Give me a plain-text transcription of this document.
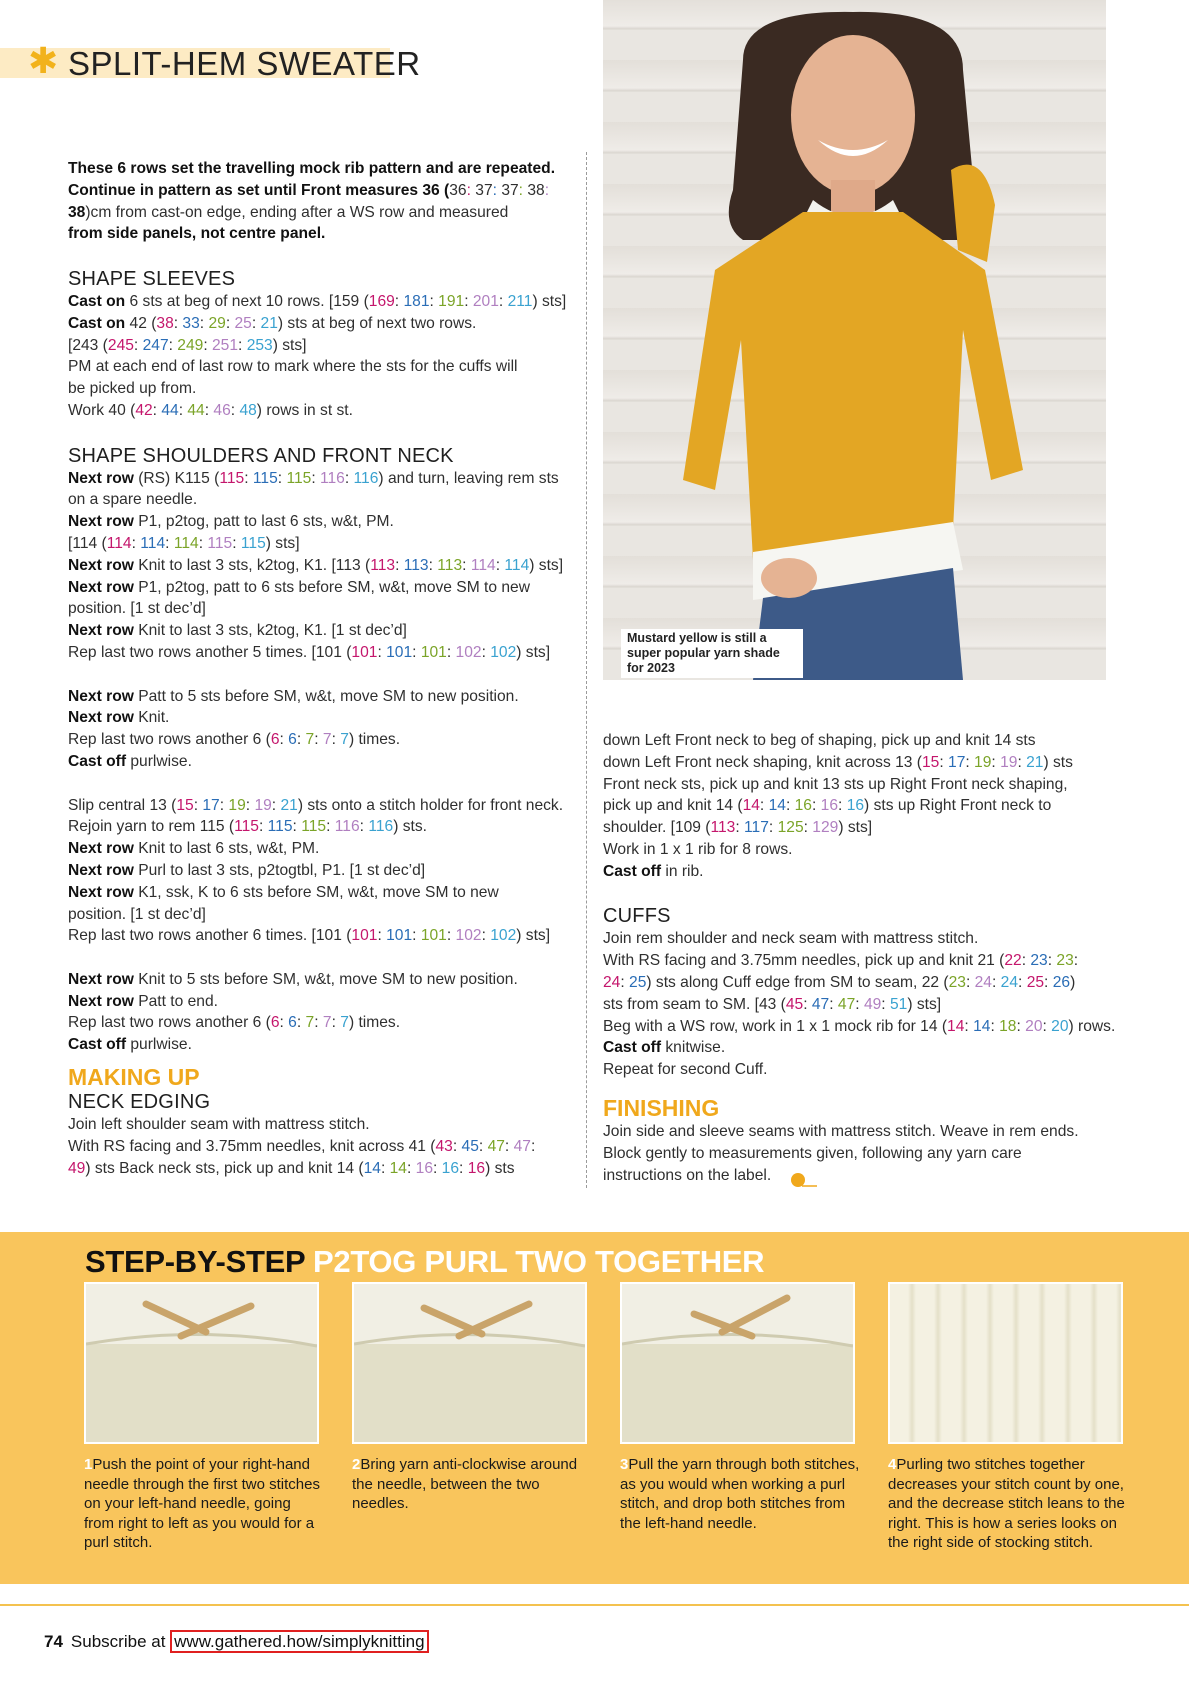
✱ SPLIT-HEM SWEATER

These 6 rows set the travelling mock rib pattern and are repeated.

Continue in pattern as set until Front measures 36 (36: 37: 37: 38:

38)cm from cast-on edge, ending after a WS row and measured

from side panels, not centre panel.

SHAPE SLEEVES

Cast on 6 sts at beg of next 10 rows. [159 (169: 181: 191: 201: 211) sts]

Cast on 42 (38: 33: 29: 25: 21) sts at beg of next two rows.

[243 (245: 247: 249: 251: 253) sts]

PM at each end of last row to mark where the sts for the cuffs will

be picked up from.

Work 40 (42: 44: 44: 46: 48) rows in st st.

SHAPE SHOULDERS AND FRONT NECK

Next row (RS) K115 (115: 115: 115: 116: 116) and turn, leaving rem sts

on a spare needle.

Next row P1, p2tog, patt to last 6 sts, w&t, PM.

[114 (114: 114: 114: 115: 115) sts]

Next row Knit to last 3 sts, k2tog, K1. [113 (113: 113: 113: 114: 114) sts]

Next row P1, p2tog, patt to 6 sts before SM, w&t, move SM to new

position. [1 st dec’d]

Next row Knit to last 3 sts, k2tog, K1. [1 st dec’d]

Rep last two rows another 5 times. [101 (101: 101: 101: 102: 102) sts]

Next row Patt to 5 sts before SM, w&t, move SM to new position.

Next row Knit.

Rep last two rows another 6 (6: 6: 7: 7: 7) times.

Cast off purlwise.

Slip central 13 (15: 17: 19: 19: 21) sts onto a stitch holder for front neck.

Rejoin yarn to rem 115 (115: 115: 115: 116: 116) sts.

Next row Knit to last 6 sts, w&t, PM.

Next row Purl to last 3 sts, p2togtbl, P1. [1 st dec’d]

Next row K1, ssk, K to 6 sts before SM, w&t, move SM to new

position. [1 st dec’d]

Rep last two rows another 6 times. [101 (101: 101: 101: 102: 102) sts]

Next row Knit to 5 sts before SM, w&t, move SM to new position.

Next row Patt to end.

Rep last two rows another 6 (6: 6: 7: 7: 7) times.

Cast off purlwise.

MAKING UP
NECK EDGING

Join left shoulder seam with mattress stitch.

With RS facing and 3.75mm needles, knit across 41 (43: 45: 47: 47:

49) sts Back neck sts, pick up and knit 14 (14: 14: 16: 16: 16) sts

Mustard yellow is still a super popular yarn shade for 2023

down Left Front neck to beg of shaping, pick up and knit 14 sts

down Left Front neck shaping, knit across 13 (15: 17: 19: 19: 21) sts

Front neck sts, pick up and knit 13 sts up Right Front neck shaping,

pick up and knit 14 (14: 14: 16: 16: 16) sts up Right Front neck to

shoulder. [109 (113: 117: 125: 129) sts]

Work in 1 x 1 rib for 8 rows.

Cast off in rib.

CUFFS

Join rem shoulder and neck seam with mattress stitch.

With RS facing and 3.75mm needles, pick up and knit 21 (22: 23: 23:

24: 25) sts along Cuff edge from SM to seam, 22 (23: 24: 24: 25: 26)

sts from seam to SM. [43 (45: 47: 47: 49: 51) sts]

Beg with a WS row, work in 1 x 1 mock rib for 14 (14: 14: 18: 20: 20) rows.

Cast off knitwise.

Repeat for second Cuff.

FINISHING

Join side and sleeve seams with mattress stitch. Weave in rem ends.

Block gently to measurements given, following any yarn care

instructions on the label.

STEP-BY-STEP P2TOG PURL TWO TOGETHER
1Push the point of your right-hand needle through the first two stitches on your left-hand needle, going from right to left as you would for a purl stitch.
2Bring yarn anti-clockwise around the needle, between the two needles.
3Pull the yarn through both stitches, as you would when working a purl stitch, and drop both stitches from the left-hand needle.
4Purling two stitches together decreases your stitch count by one, and the decrease stitch leans to the right. This is how a series looks on the right side of stocking stitch.
74 Subscribe at www.gathered.how/simplyknitting
